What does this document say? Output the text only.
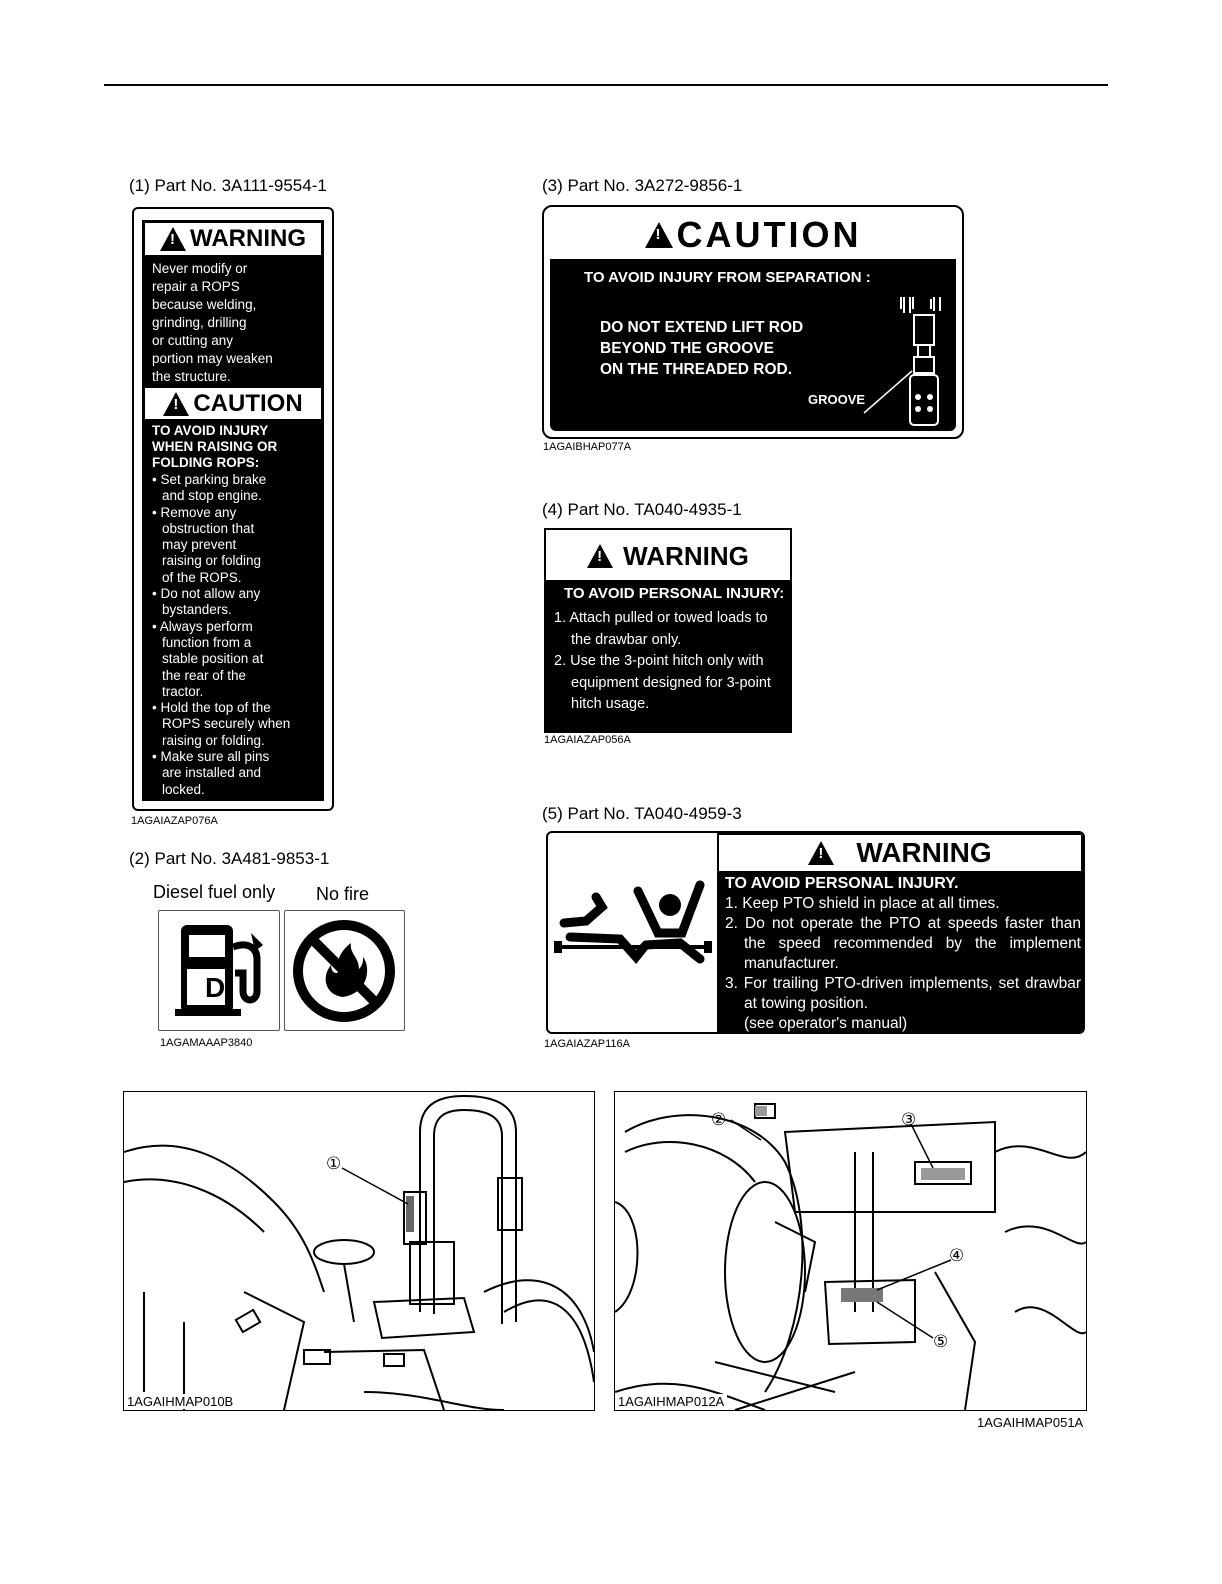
(1) Part No. 3A111-9554-1
!
WARNING
Never modify or
repair a ROPS
because welding,
grinding, drilling
or cutting any
portion may weaken
the structure.
!
CAUTION
TO AVOID INJURY
WHEN RAISING OR
FOLDING ROPS:
• Set parking brake
and stop engine.
• Remove any
obstruction that
may prevent
raising or folding
of the ROPS.
• Do not allow any
bystanders.
• Always perform
function from a
stable position at
the rear of the
tractor.
• Hold the top of the
ROPS securely when
raising or folding.
• Make sure all pins
are installed and
locked.
1AGAIAZAP076A
(2) Part No. 3A481-9853-1
Diesel fuel only No fire
D
1AGAMAAAP3840
(3) Part No. 3A272-9856-1
!
CAUTION
TO AVOID INJURY FROM SEPARATION :
DO NOT EXTEND LIFT ROD
BEYOND THE GROOVE
ON THE THREADED ROD.
GROOVE
1AGAIBHAP077A
(4) Part No. TA040-4935-1
!
WARNING
TO AVOID PERSONAL INJURY:
1. Attach pulled or towed loads to
the drawbar only.
2. Use the 3-point hitch only with
equipment designed for 3-point
hitch usage.
1AGAIAZAP056A
(5) Part No. TA040-4959-3
!
WARNING
TO AVOID PERSONAL INJURY.
1. Keep PTO shield in place at all times.
2. Do not operate the PTO at speeds faster than the speed recommended by the implement manufacturer.
3. For trailing PTO-driven implements, set drawbar at towing position.
(see operator's manual)
1AGAIAZAP116A
①
1AGAIHMAP010B
②	③
④
⑤
1AGAIHMAP012A
1AGAIHMAP051A
